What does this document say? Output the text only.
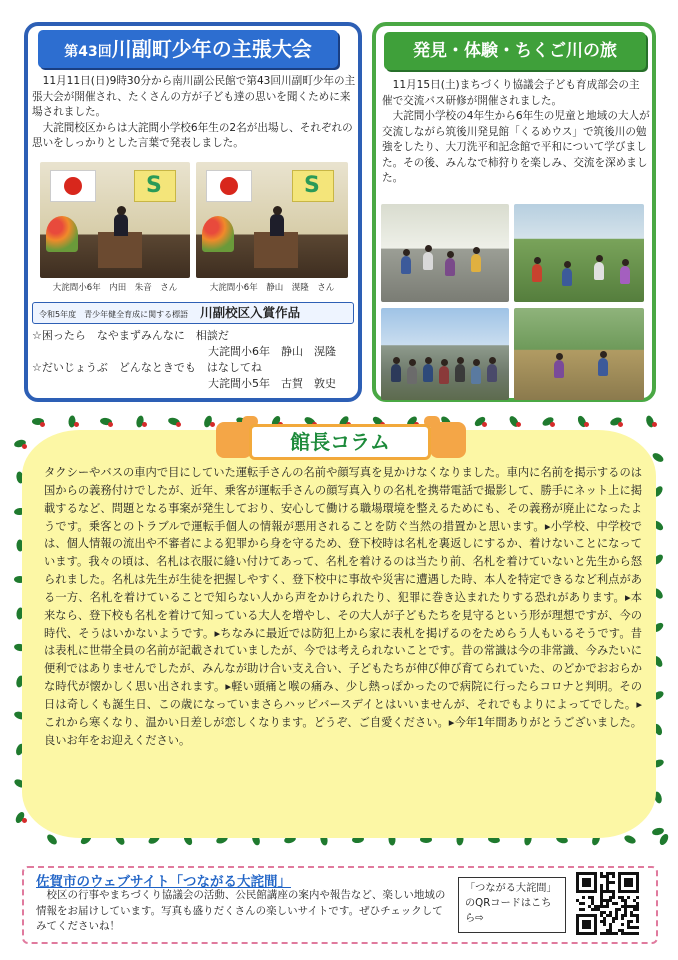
第43回川副町少年の主張大会

11月11日(日)9時30分から南川副公民館で第43回川副町少年の主張大会が開催され、たくさんの方が子ども達の思いを聞くために来場されました。

大詫間校区からは大詫間小学校6年生の2名が出場し、それぞれの思いをしっかりとした言葉で発表しました。

S
S
大詫間小6年　内田　朱音　さん	大詫間小6年　静山　滉隆　さん
令和5年度　青少年健全育成に関する標語 川副校区入賞作品
☆困ったら　なやまずみんなに　相談だ
大詫間小6年　静山　滉隆
☆だいじょうぶ　どんなときでも　はなしてね
大詫間小5年　古賀　敦史
発見・体験・ちくご川の旅

11月15日(土)まちづくり協議会子ども育成部会の主催で交流バス研修が開催されました。

大詫間小学校の4年生から6年生の児童と地域の大人が交流しながら筑後川発見館「くるめウス」で筑後川の勉強をしたり、大刀洗平和記念館で平和について学びました。その後、みんなで柿狩りを楽しみ、交流を深めました。

館長コラム

タクシーやバスの車内で目にしていた運転手さんの名前や顔写真を見かけなくなりました。車内に名前を掲示するのは国からの義務付けでしたが、近年、乗客が運転手さんの顔写真入りの名札を携帯電話で撮影して、勝手にネット上に掲載するなど、問題となる事案が発生しており、安心して働ける職場環境を整えるためにも、その義務が廃止になったようです。乗客とのトラブルで運転手個人の情報が悪用されることを防ぐ当然の措置かと思います。▸小学校、中学校では、個人情報の流出や不審者による犯罪から身を守るため、登下校時は名札を裏返しにするか、着けないことになっています。我々の頃は、名札は衣服に縫い付けてあって、名札を着けるのは当たり前、名札を着けていないと先生から怒られました。名札は先生が生徒を把握しやすく、登下校中に事故や災害に遭遇した時、本人を特定できるなど利点がある一方、名札を着けていることで知らない人から声をかけられたり、犯罪に巻き込まれたりする恐れがあります。▸本来なら、登下校も名札を着けて知っている大人を増やし、その大人が子どもたちを見守るという形が理想ですが、今の時代、そうはいかないようです。▸ちなみに最近では防犯上から家に表札を掲げるのをためらう人もいるそうです。昔は表札に世帯全員の名前が記載されていましたが、今では考えられないことです。昔の常識は今の非常識、今みたいに便利ではありませんでしたが、みんなが助け合い支え合い、子どもたちが伸び伸び育てられていた、のどかでおおらかな時代が懐かしく思い出されます。▸軽い頭痛と喉の痛み、少し熱っぽかったので病院に行ったらコロナと判明。その日は奇しくも誕生日、この歳になっていまさらハッピバースデイとはいいませんが、それでもよりによってでした。▸これから寒くなり、温かい日差しが恋しくなります。どうぞ、ご自愛ください。▸今年1年間ありがとうございました。良いお年をお迎えください。

佐賀市のウェブサイト「つながる大詫間」

校区の行事やまちづくり協議会の活動、公民館講座の案内や報告など、楽しい地域の情報をお届けしています。写真も盛りだくさんの楽しいサイトです。ぜひチェックしてみてくださいね！

「つながる大詫間」のQRコードはこちら⇨
